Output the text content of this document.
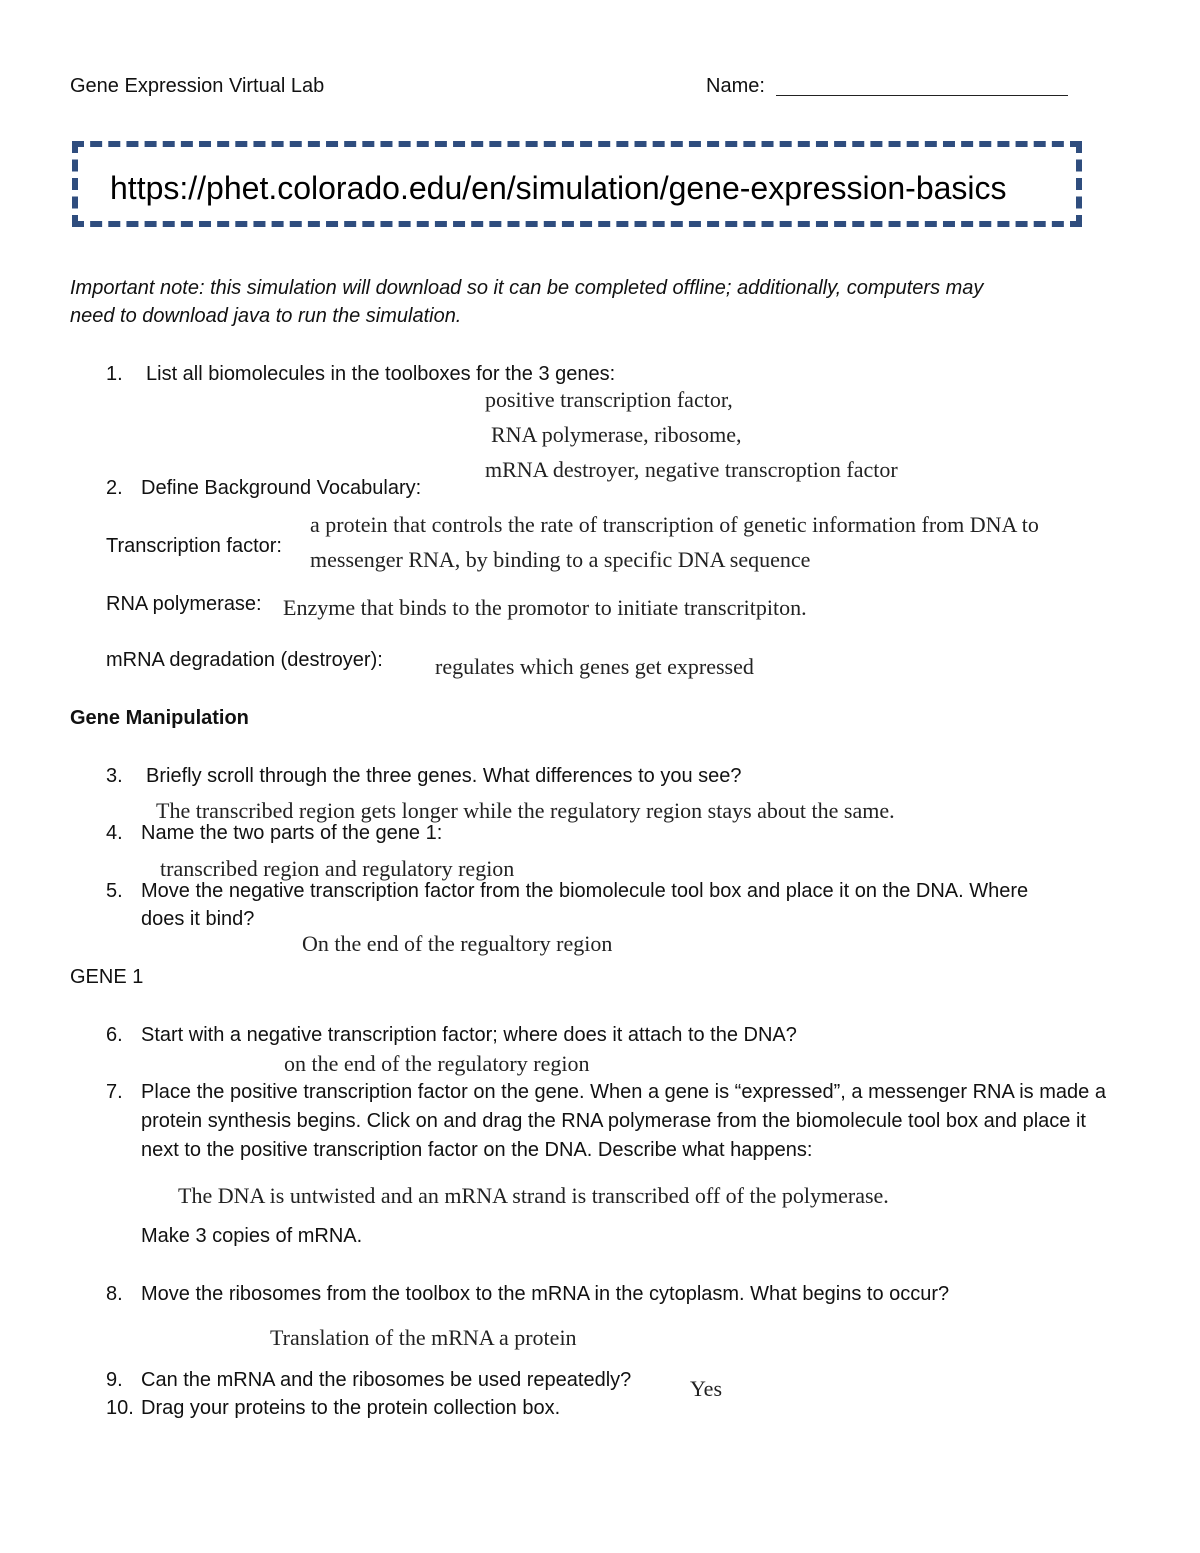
Gene Expression Virtual Lab	Name:
https://phet.colorado.edu/en/simulation/gene-expression-basics
Important note: this simulation will download so it can be completed offline; additionally, computers may
need to download java to run the simulation.
1. List all biomolecules in the toolboxes for the 3 genes:
positive transcription factor,
RNA polymerase, ribosome,
mRNA destroyer, negative transcroption factor
2. Define Background Vocabulary:
Transcription factor:
a protein that controls the rate of transcription of genetic information from DNA to
messenger RNA, by binding to a specific DNA sequence
RNA polymerase: Enzyme that binds to the promotor to initiate transcritpiton.
mRNA degradation (destroyer): regulates which genes get expressed
Gene Manipulation
3. Briefly scroll through the three genes. What differences to you see?
The transcribed region gets longer while the regulatory region stays about the same.
4. Name the two parts of the gene 1:
transcribed region and regulatory region
5. Move the negative transcription factor from the biomolecule tool box and place it on the DNA. Where
does it bind?
On the end of the regualtory region
GENE 1
6. Start with a negative transcription factor; where does it attach to the DNA?
on the end of the regulatory region
7. Place the positive transcription factor on the gene. When a gene is “expressed”, a messenger RNA is made a
protein synthesis begins. Click on and drag the RNA polymerase from the biomolecule tool box and place it
next to the positive transcription factor on the DNA. Describe what happens:
The DNA is untwisted and an mRNA strand is transcribed off of the polymerase.
Make 3 copies of mRNA.
8. Move the ribosomes from the toolbox to the mRNA in the cytoplasm. What begins to occur?
Translation of the mRNA a protein
9. Can the mRNA and the ribosomes be used repeatedly?	Yes
10. Drag your proteins to the protein collection box.
